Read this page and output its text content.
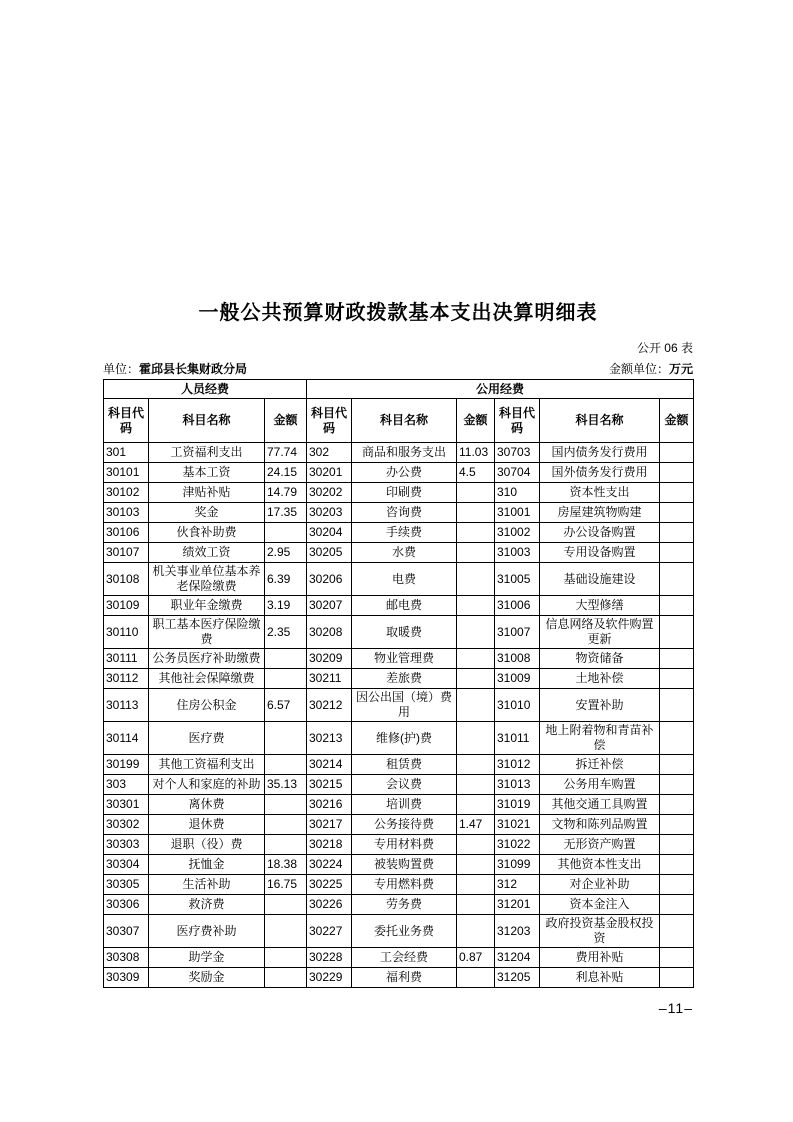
一般公共预算财政拨款基本支出决算明细表
公开 06 表
单位：霍邱县长集财政分局	金额单位：万元
人员经费			公用经费					
科目代码	科目名称	金额	科目代码	科目名称	金额	科目代码	科目名称	金额
301	工资福利支出	77.74	302	商品和服务支出	11.03	30703	国内债务发行费用	
30101	基本工资	24.15	30201	办公费	4.5	30704	国外债务发行费用	
30102	津贴补贴	14.79	30202	印刷费		310	资本性支出	
30103	奖金	17.35	30203	咨询费		31001	房屋建筑物购建	
30106	伙食补助费		30204	手续费		31002	办公设备购置	
30107	绩效工资	2.95	30205	水费		31003	专用设备购置	
30108	机关事业单位基本养老保险缴费	6.39	30206	电费		31005	基础设施建设	
30109	职业年金缴费	3.19	30207	邮电费		31006	大型修缮	
30110	职工基本医疗保险缴费	2.35	30208	取暖费		31007	信息网络及软件购置更新	
30111	公务员医疗补助缴费		30209	物业管理费		31008	物资储备	
30112	其他社会保障缴费		30211	差旅费		31009	土地补偿	
30113	住房公积金	6.57	30212	因公出国（境）费用		31010	安置补助	
30114	医疗费		30213	维修(护)费		31011	地上附着物和青苗补偿	
30199	其他工资福利支出		30214	租赁费		31012	拆迁补偿	
303	对个人和家庭的补助	35.13	30215	会议费		31013	公务用车购置	
30301	离休费		30216	培训费		31019	其他交通工具购置	
30302	退休费		30217	公务接待费	1.47	31021	文物和陈列品购置	
30303	退职（役）费		30218	专用材料费		31022	无形资产购置	
30304	抚恤金	18.38	30224	被装购置费		31099	其他资本性支出	
30305	生活补助	16.75	30225	专用燃料费		312	对企业补助	
30306	救济费		30226	劳务费		31201	资本金注入	
30307	医疗费补助		30227	委托业务费		31203	政府投资基金股权投资	
30308	助学金		30228	工会经费	0.87	31204	费用补贴	
30309	奖励金		30229	福利费		31205	利息补贴	
–11–
